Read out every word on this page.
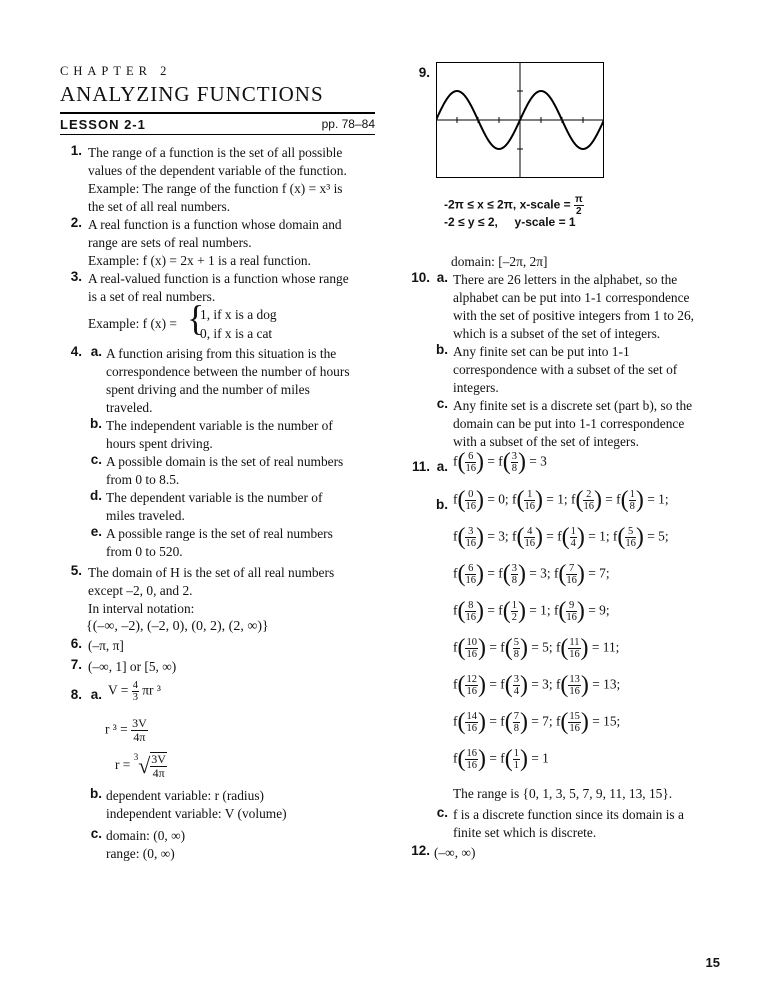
CHAPTER 2
ANALYZING FUNCTIONS
LESSON 2-1	pp. 78–84
1. The range of a function is the set of all possible
values of the dependent variable of the function.
Example: The range of the function f (x) = x³ is
the set of all real numbers.
2. A real function is a function whose domain and
range are sets of real numbers.
Example: f (x) = 2x + 1 is a real function.
3. A real-valued function is a function whose range
is a set of real numbers.
Example: f (x) = {
1, if x is a dog
0, if x is a cat
4. a. A function arising from this situation is the
correspondence between the number of hours
spent driving and the number of miles
traveled.
b. The independent variable is the number of
hours spent driving.
c. A possible domain is the set of real numbers
from 0 to 8.5.
d. The dependent variable is the number of
miles traveled.
e. A possible range is the set of real numbers
from 0 to 520.
5. The domain of H is the set of all real numbers
except –2, 0, and 2.
In interval notation:
{(–∞, –2), (–2, 0), (0, 2), (2, ∞)}
6. (–π, π]
7. (–∞, 1] or [5, ∞)
8. a. $V = \frac{4}{3}$ πr ³
r $^3 = \frac{3V}{4\pi}$
$r = ^3√ \frac{3V}{4\pi}$
b. dependent variable: r (radius)
independent variable: V (volume)
c. domain: (0, ∞)
range: (0, ∞)
9.
-2π ≤ x ≤ 2π, x-scale = $\frac{\pi}{2}$
-2 ≤ y ≤ 2,     y-scale = 1
domain: [–2π, 2π]
10. a. There are 26 letters in the alphabet, so the
alphabet can be put into 1-1 correspondence
with the set of positive integers from 1 to 26,
which is a subset of the set of integers.
b. Any finite set can be put into 1-1
correspondence with a subset of the set of
integers.
c. Any finite set is a discrete set (part b), so the
domain can be put into 1-1 correspondence
with a subset of the set of integers.
11. a. $f( \frac{6}{16}$ ) = $f( \frac{3}{8}$ ) = 3
b. $f( \frac{0}{16}$ ) = 0; $f( \frac{1}{16}$ ) = 1; $f( \frac{2}{16}$ ) = $f( \frac{1}{8}$ ) = 1;
$f( \frac{3}{16}$ ) = 3; $f( \frac{4}{16}$ ) = $f( \frac{1}{4}$ ) = 1; $f( \frac{5}{16}$ ) = 5;
$f( \frac{6}{16}$ ) = $f( \frac{3}{8}$ ) = 3; $f( \frac{7}{16}$ ) = 7;
$f( \frac{8}{16}$ ) = $f( \frac{1}{2}$ ) = 1; $f( \frac{9}{16}$ ) = 9;
$f( \frac{10}{16}$ ) = $f( \frac{5}{8}$ ) = 5; $f( \frac{11}{16}$ ) = 11;
$f( \frac{12}{16}$ ) = $f( \frac{3}{4}$ ) = 3; $f( \frac{13}{16}$ ) = 13;
$f( \frac{14}{16}$ ) = $f( \frac{7}{8}$ ) = 7; $f( \frac{15}{16}$ ) = 15;
$f( \frac{16}{16}$ ) = $f( \frac{1}{1}$ ) = 1
The range is {0, 1, 3, 5, 7, 9, 11, 13, 15}.
c. f is a discrete function since its domain is a
finite set which is discrete.
12. (–∞, ∞)
15
